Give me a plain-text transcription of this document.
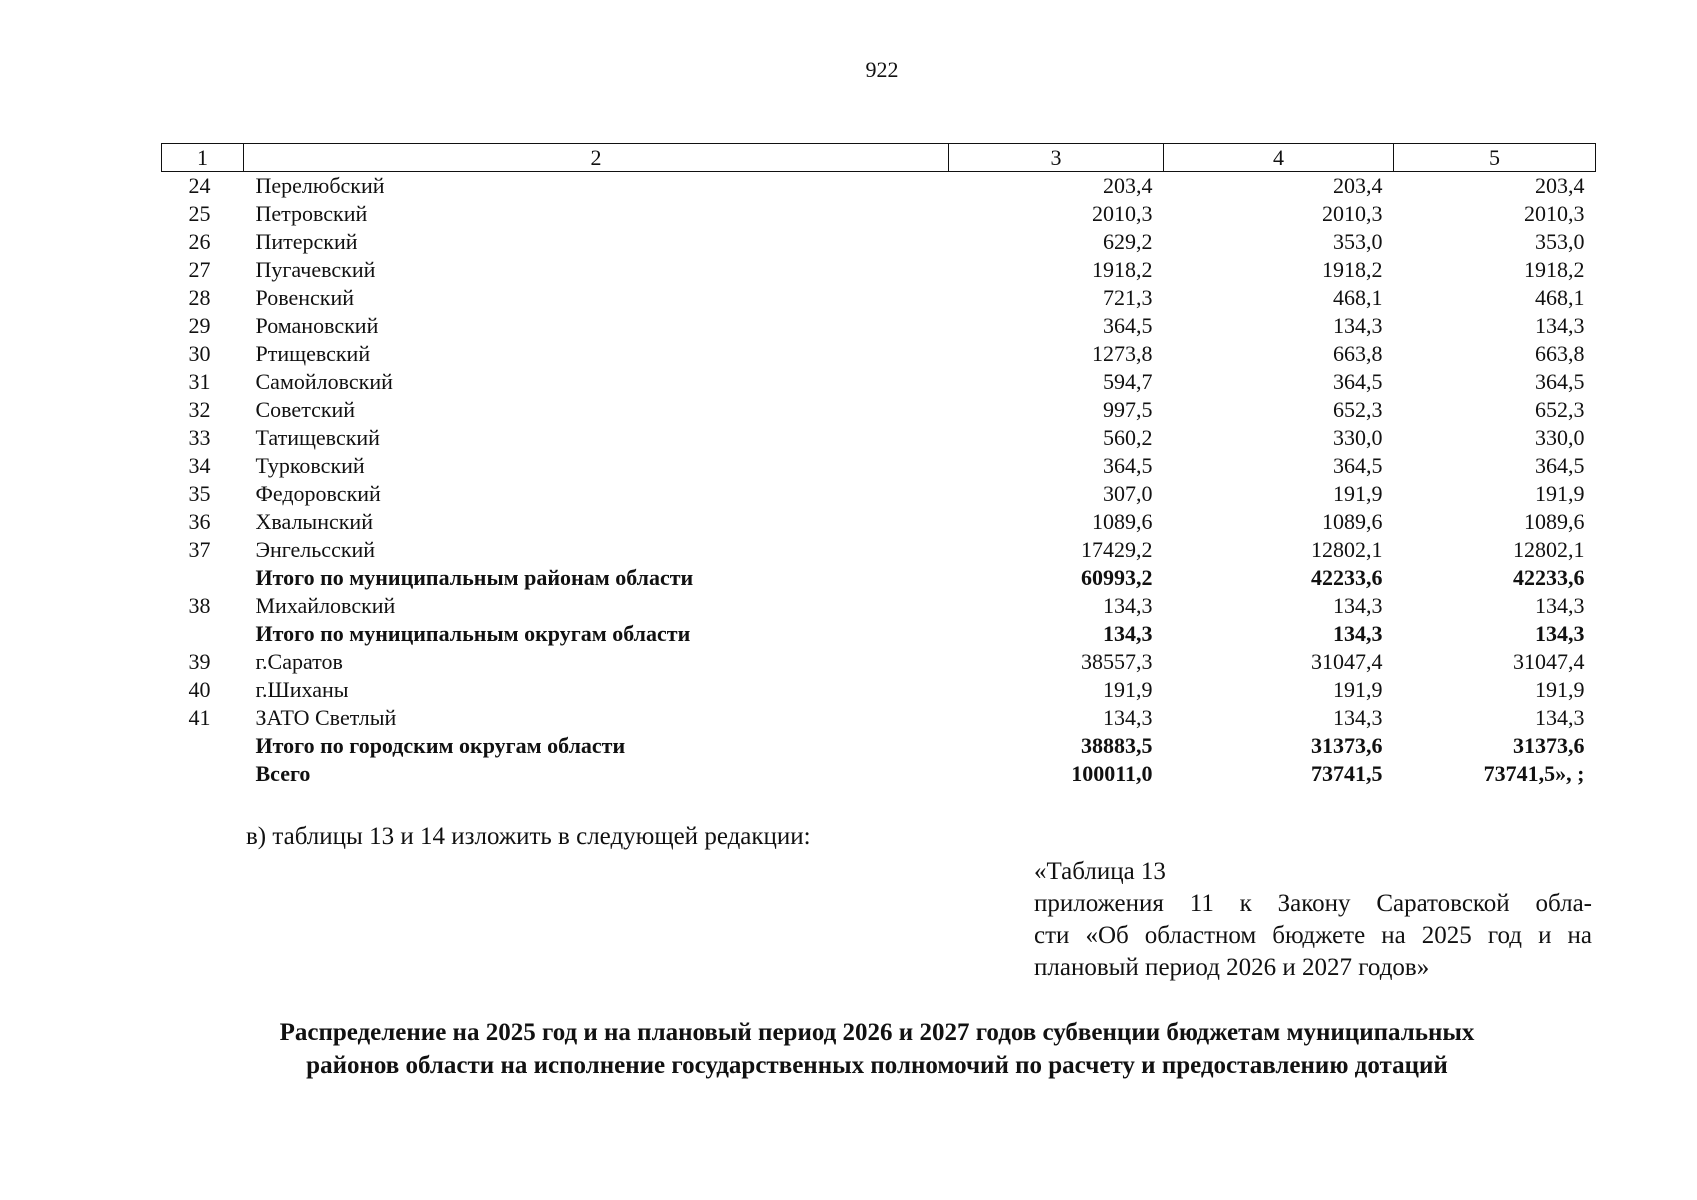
922
1	2	3	4	5
24	Перелюбский	203,4	203,4	203,4
25	Петровский	2010,3	2010,3	2010,3
26	Питерский	629,2	353,0	353,0
27	Пугачевский	1918,2	1918,2	1918,2
28	Ровенский	721,3	468,1	468,1
29	Романовский	364,5	134,3	134,3
30	Ртищевский	1273,8	663,8	663,8
31	Самойловский	594,7	364,5	364,5
32	Советский	997,5	652,3	652,3
33	Татищевский	560,2	330,0	330,0
34	Турковский	364,5	364,5	364,5
35	Федоровский	307,0	191,9	191,9
36	Хвалынский	1089,6	1089,6	1089,6
37	Энгельсский	17429,2	12802,1	12802,1
	Итого по муниципальным районам области	60993,2	42233,6	42233,6
38	Михайловский	134,3	134,3	134,3
	Итого по муниципальным округам области	134,3	134,3	134,3
39	г.Саратов	38557,3	31047,4	31047,4
40	г.Шиханы	191,9	191,9	191,9
41	ЗАТО Светлый	134,3	134,3	134,3
	Итого по городским округам области	38883,5	31373,6	31373,6
	Всего	100011,0	73741,5	73741,5», ;
в) таблицы 13 и 14 изложить в следующей редакции:
«Таблица 13
приложения 11 к Закону Саратовской обла-
сти «Об областном бюджете на 2025 год и на
плановый период 2026 и 2027 годов»
Распределение на 2025 год и на плановый период 2026 и 2027 годов субвенции бюджетам муниципальных
районов области на исполнение государственных полномочий по расчету и предоставлению дотаций
